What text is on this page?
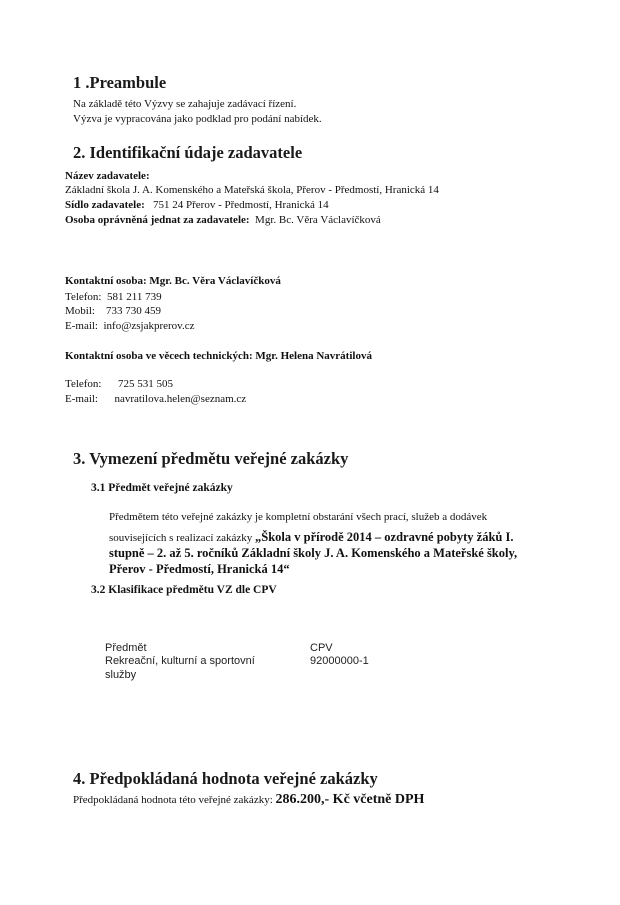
1 .Preambule
Na základě této Výzvy se zahajuje zadávací řízení.
Výzva je vypracována jako podklad pro podání nabídek.
2. Identifikační údaje zadavatele
Název zadavatele:
Základní škola J. A. Komenského a Mateřská škola, Přerov - Předmostí, Hranická 14
Sídlo zadavatele: 751 24 Přerov - Předmostí, Hranická 14
Osoba oprávněná jednat za zadavatele: Mgr. Bc. Věra Václavíčková
Kontaktní osoba: Mgr. Bc. Věra Václavíčková
Telefon: 581 211 739
Mobil: 733 730 459
E-mail: info@zsjakprerov.cz
Kontaktní osoba ve věcech technických: Mgr. Helena Navrátilová
Telefon: 725 531 505
E-mail: navratilova.helen@seznam.cz
3. Vymezení předmětu veřejné zakázky
3.1 Předmět veřejné zakázky
Předmětem této veřejné zakázky je kompletní obstarání všech prací, služeb a dodávek
souvisejících s realizací zakázky „Škola v přírodě 2014 – ozdravné pobyty žáků I.
stupně – 2. až 5. ročníků Základní školy J. A. Komenského a Mateřské školy,
Přerov - Předmostí, Hranická 14“
3.2 Klasifikace předmětu VZ dle CPV
Předmět	CPV
Rekreační, kulturní a sportovní
služby
92000000-1
4. Předpokládaná hodnota veřejné zakázky
Předpokládaná hodnota této veřejné zakázky: 286.200,- Kč včetně DPH
